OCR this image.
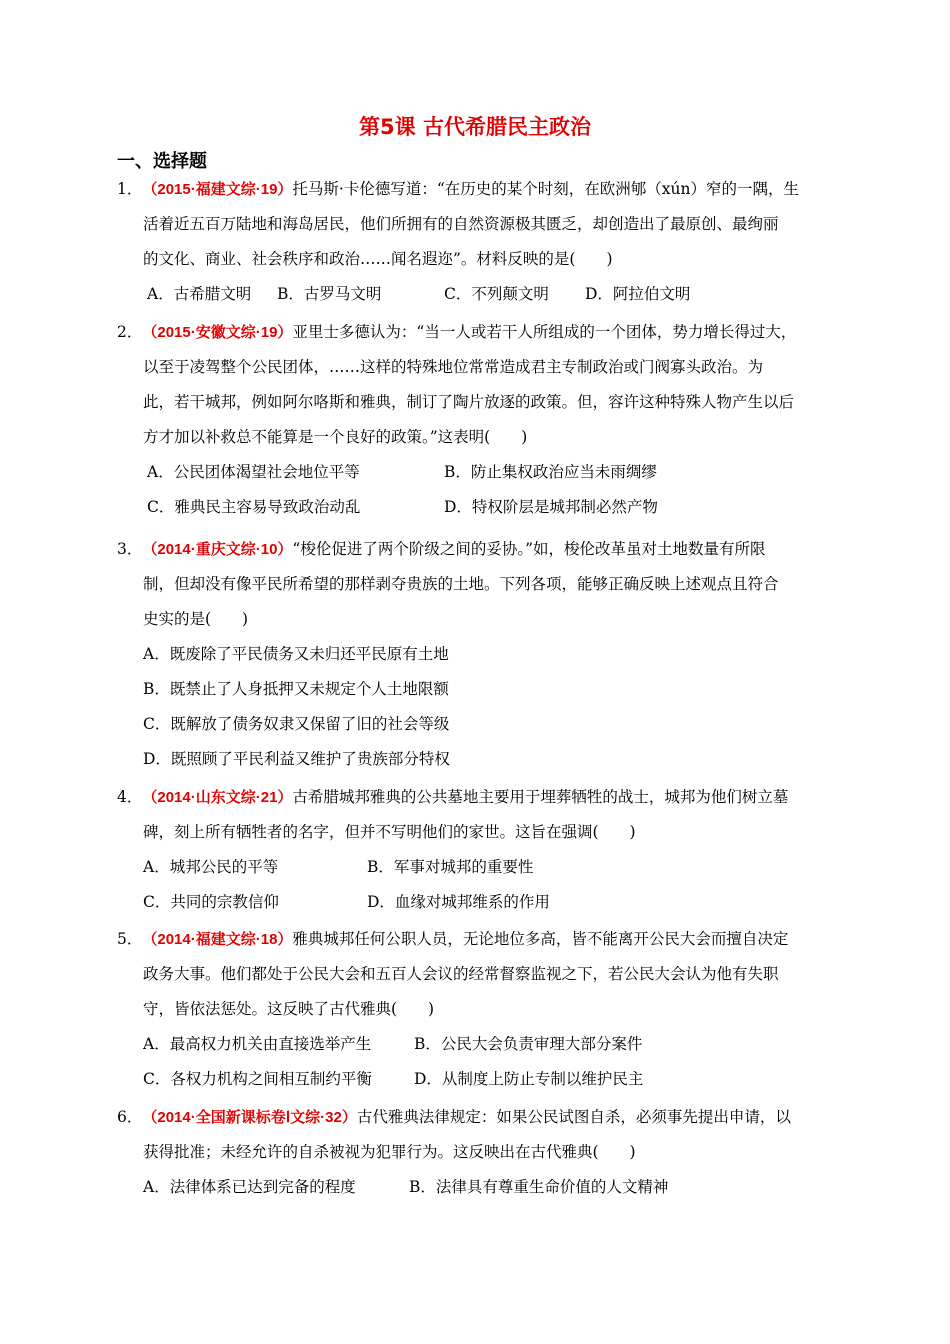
第5课 古代希腊民主政治
一、选择题
1．（2015·福建文综·19）托马斯·卡伦德写道：“在历史的某个时刻，在欧洲郇（xún）窄的一隅，生
活着近五百万陆地和海岛居民，他们所拥有的自然资源极其匮乏，却创造出了最原创、最绚丽
的文化、商业、社会秩序和政治……闻名遐迩”。材料反映的是(　　)
A．古希腊文明 B．古罗马文明	C．不列颠文明 D．阿拉伯文明
2．（2015·安徽文综·19）亚里士多德认为：“当一人或若干人所组成的一个团体，势力增长得过大，
以至于凌驾整个公民团体，……这样的特殊地位常常造成君主专制政治或门阀寡头政治。为
此，若干城邦，例如阿尔咯斯和雅典，制订了陶片放逐的政策。但，容许这种特殊人物产生以后
方才加以补救总不能算是一个良好的政策。”这表明(　　)
A．公民团体渴望社会地位平等	B．防止集权政治应当未雨绸缪
C．雅典民主容易导致政治动乱	D．特权阶层是城邦制必然产物
3．（2014·重庆文综·10）“梭伦促进了两个阶级之间的妥协。”如，梭伦改革虽对土地数量有所限
制，但却没有像平民所希望的那样剥夺贵族的土地。下列各项，能够正确反映上述观点且符合
史实的是(　　)
A．既废除了平民债务又未归还平民原有土地
B．既禁止了人身抵押又未规定个人土地限额
C．既解放了债务奴隶又保留了旧的社会等级
D．既照顾了平民利益又维护了贵族部分特权
4．（2014·山东文综·21）古希腊城邦雅典的公共墓地主要用于埋葬牺牲的战士，城邦为他们树立墓
碑，刻上所有牺牲者的名字，但并不写明他们的家世。这旨在强调(　　)
A．城邦公民的平等	B．军事对城邦的重要性
C．共同的宗教信仰	D．血缘对城邦维系的作用
5．（2014·福建文综·18）雅典城邦任何公职人员，无论地位多高，皆不能离开公民大会而擅自决定
政务大事。他们都处于公民大会和五百人会议的经常督察监视之下，若公民大会认为他有失职
守，皆依法惩处。这反映了古代雅典(　　)
A．最高权力机关由直接选举产生	B．公民大会负责审理大部分案件
C．各权力机构之间相互制约平衡	D．从制度上防止专制以维护民主
6．（2014·全国新课标卷Ⅰ文综·32）古代雅典法律规定：如果公民试图自杀，必须事先提出申请，以
获得批准；未经允许的自杀被视为犯罪行为。这反映出在古代雅典(　　)
A．法律体系已达到完备的程度	B．法律具有尊重生命价值的人文精神
